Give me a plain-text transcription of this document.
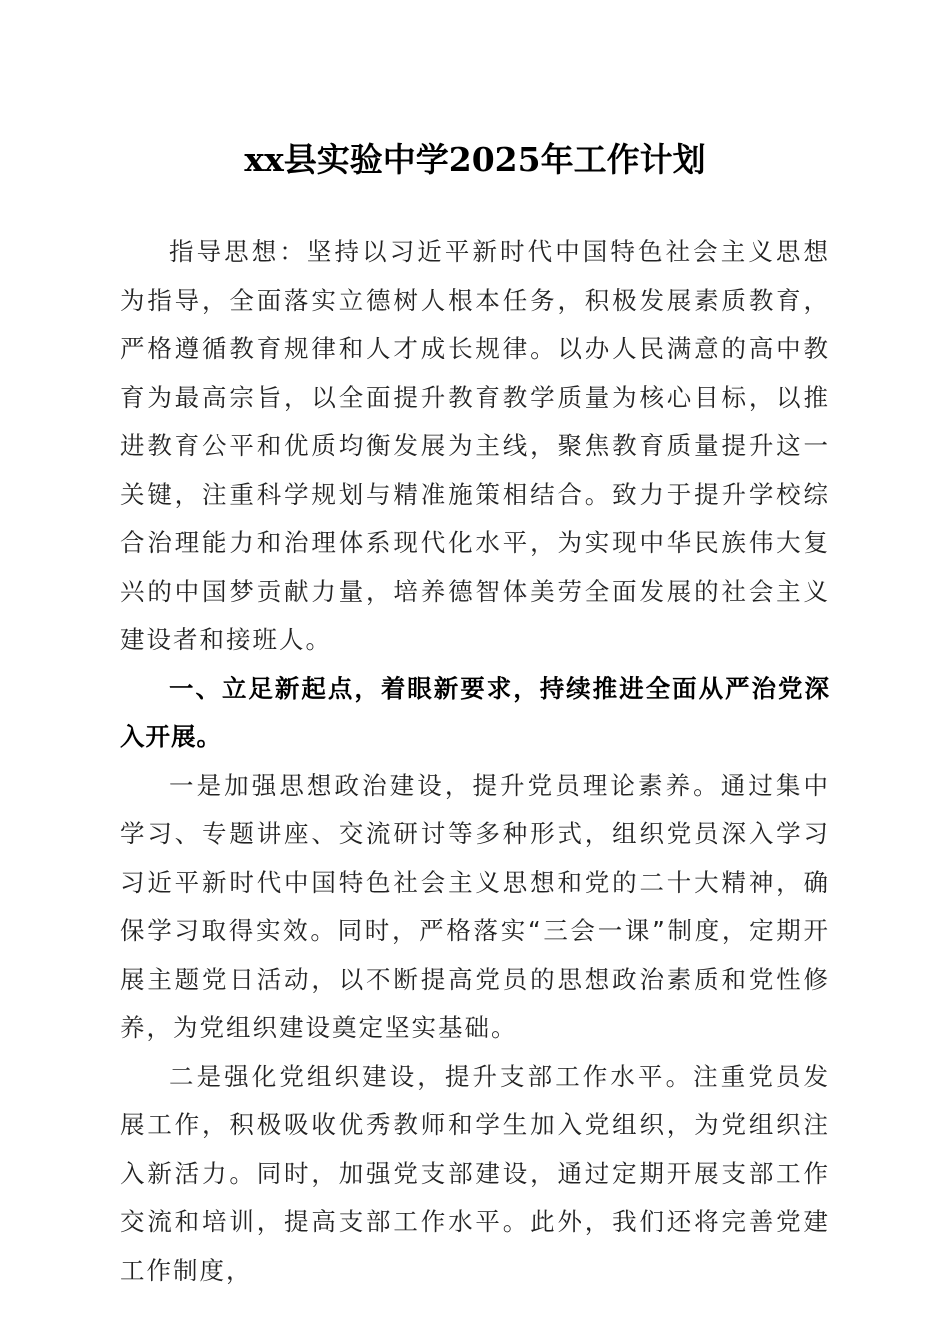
xx县实验中学2025年工作计划

指导思想：坚持以习近平新时代中国特色社会主义思想为指导，全面落实立德树人根本任务，积极发展素质教育，严格遵循教育规律和人才成长规律。以办人民满意的高中教育为最高宗旨，以全面提升教育教学质量为核心目标，以推进教育公平和优质均衡发展为主线，聚焦教育质量提升这一关键，注重科学规划与精准施策相结合。致力于提升学校综合治理能力和治理体系现代化水平，为实现中华民族伟大复兴的中国梦贡献力量，培养德智体美劳全面发展的社会主义建设者和接班人。

一、立足新起点，着眼新要求，持续推进全面从严治党深入开展。

一是加强思想政治建设，提升党员理论素养。通过集中学习、专题讲座、交流研讨等多种形式，组织党员深入学习习近平新时代中国特色社会主义思想和党的二十大精神，确保学习取得实效。同时，严格落实“三会一课”制度，定期开展主题党日活动，以不断提高党员的思想政治素质和党性修养，为党组织建设奠定坚实基础。

二是强化党组织建设，提升支部工作水平。注重党员发展工作，积极吸收优秀教师和学生加入党组织，为党组织注入新活力。同时，加强党支部建设，通过定期开展支部工作交流和培训，提高支部工作水平。此外，我们还将完善党建工作制度，
